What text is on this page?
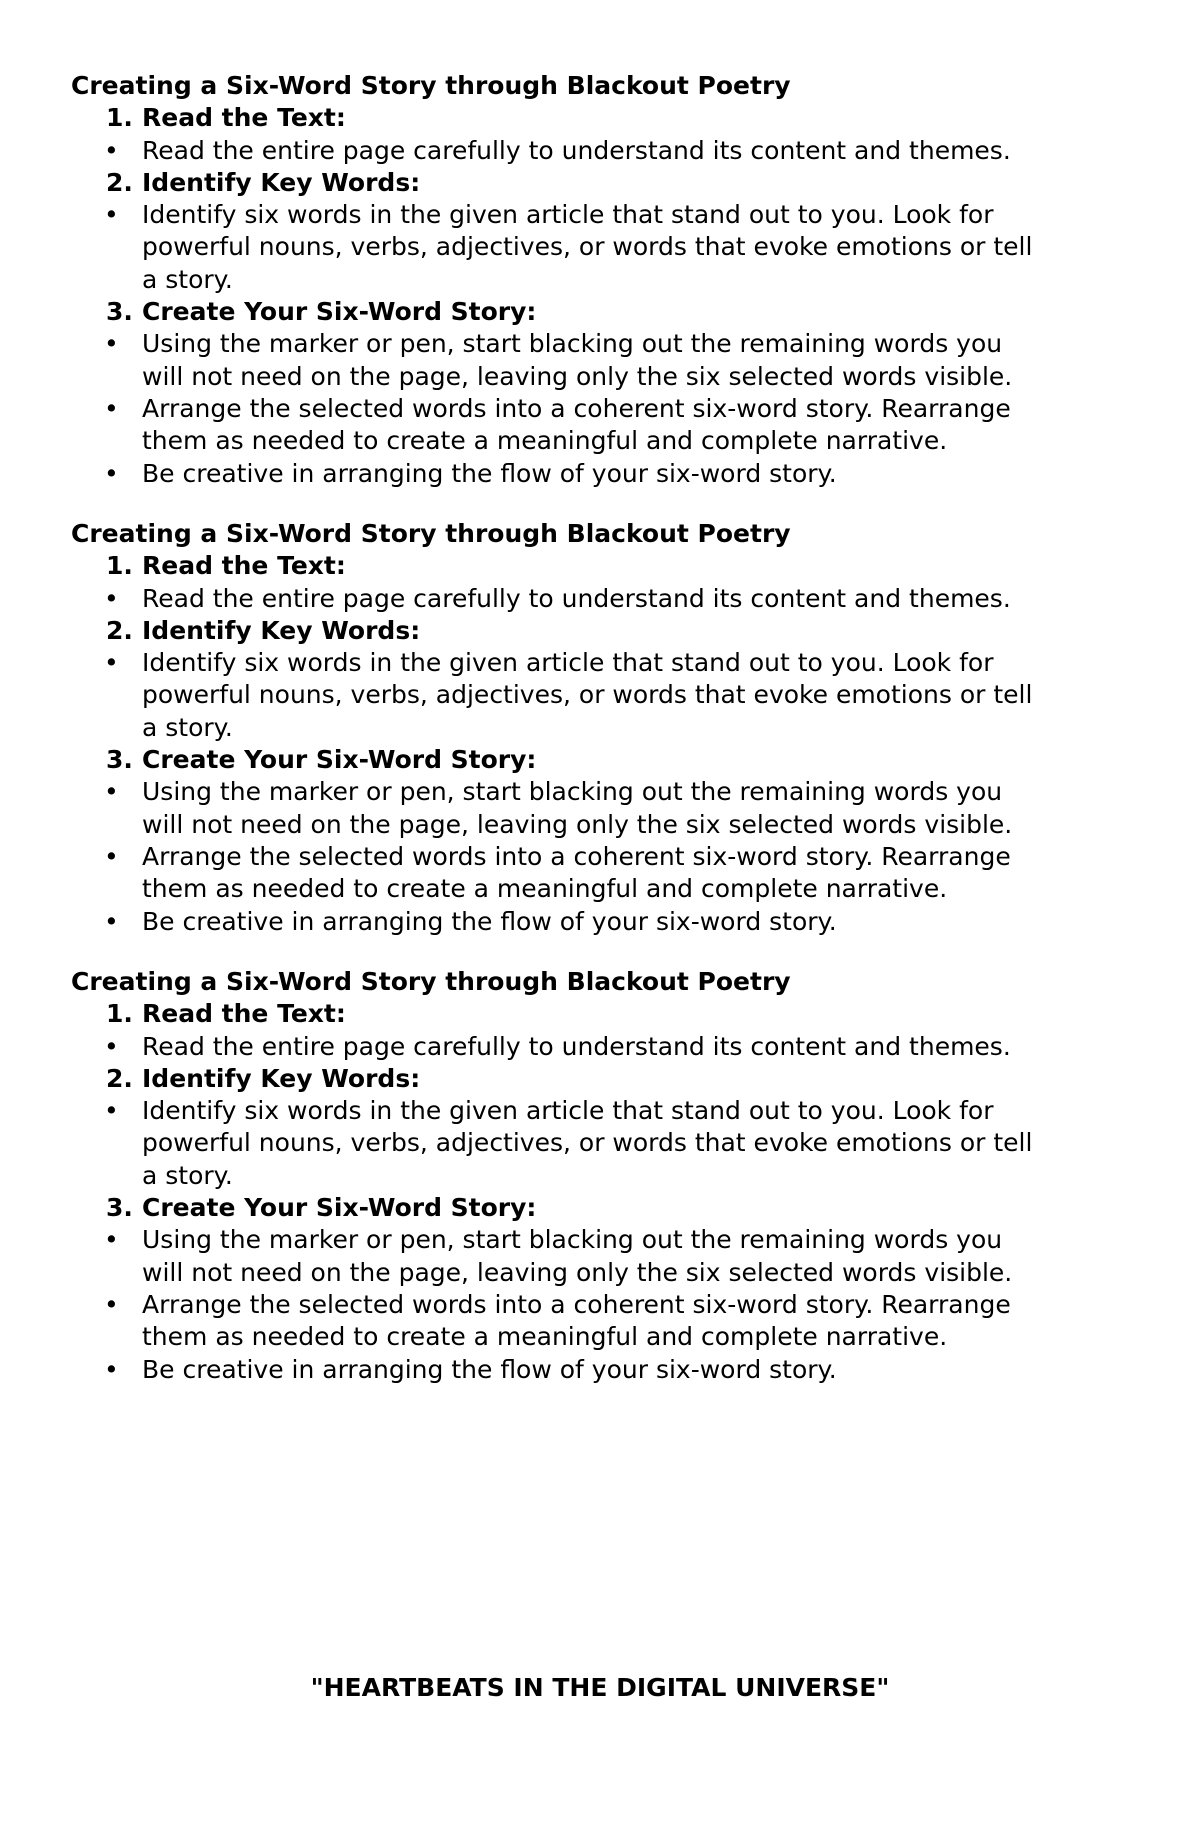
Creating a Six-Word Story through Blackout Poetry
1. Read the Text:
• Read the entire page carefully to understand its content and themes.
2. Identify Key Words:
• Identify six words in the given article that stand out to you. Look for
powerful nouns, verbs, adjectives, or words that evoke emotions or tell
a story.
3. Create Your Six-Word Story:
• Using the marker or pen, start blacking out the remaining words you
will not need on the page, leaving only the six selected words visible.
• Arrange the selected words into a coherent six-word story. Rearrange
them as needed to create a meaningful and complete narrative.
• Be creative in arranging the flow of your six-word story.
Creating a Six-Word Story through Blackout Poetry
1. Read the Text:
• Read the entire page carefully to understand its content and themes.
2. Identify Key Words:
• Identify six words in the given article that stand out to you. Look for
powerful nouns, verbs, adjectives, or words that evoke emotions or tell
a story.
3. Create Your Six-Word Story:
• Using the marker or pen, start blacking out the remaining words you
will not need on the page, leaving only the six selected words visible.
• Arrange the selected words into a coherent six-word story. Rearrange
them as needed to create a meaningful and complete narrative.
• Be creative in arranging the flow of your six-word story.
Creating a Six-Word Story through Blackout Poetry
1. Read the Text:
• Read the entire page carefully to understand its content and themes.
2. Identify Key Words:
• Identify six words in the given article that stand out to you. Look for
powerful nouns, verbs, adjectives, or words that evoke emotions or tell
a story.
3. Create Your Six-Word Story:
• Using the marker or pen, start blacking out the remaining words you
will not need on the page, leaving only the six selected words visible.
• Arrange the selected words into a coherent six-word story. Rearrange
them as needed to create a meaningful and complete narrative.
• Be creative in arranging the flow of your six-word story.
"HEARTBEATS IN THE DIGITAL UNIVERSE"
